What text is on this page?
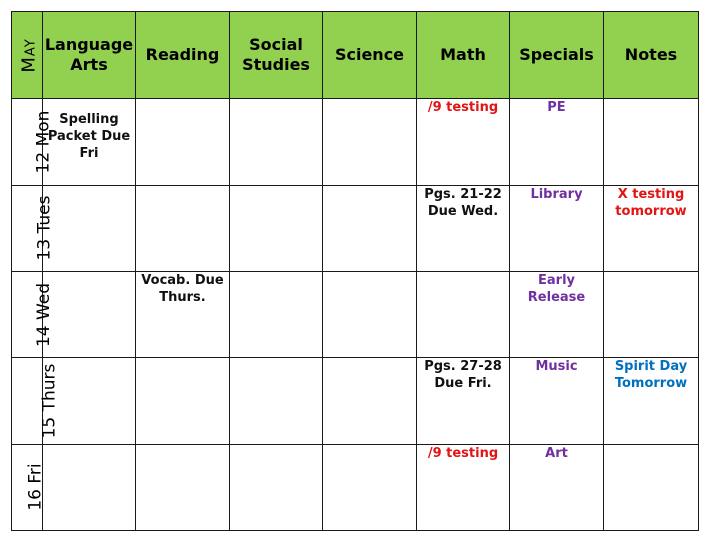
May	Language Arts	Reading	Social Studies	Science	Math	Specials	Notes
12 Mon	Spelling Packet Due Fri				/9 testing	PE	
13 Tues					Pgs. 21-22 Due Wed.	Library	X testing tomorrow
14 Wed		Vocab. Due Thurs.				Early Release	
15 Thurs					Pgs. 27-28 Due Fri.	Music	Spirit Day Tomorrow
16 Fri					/9 testing	Art	
